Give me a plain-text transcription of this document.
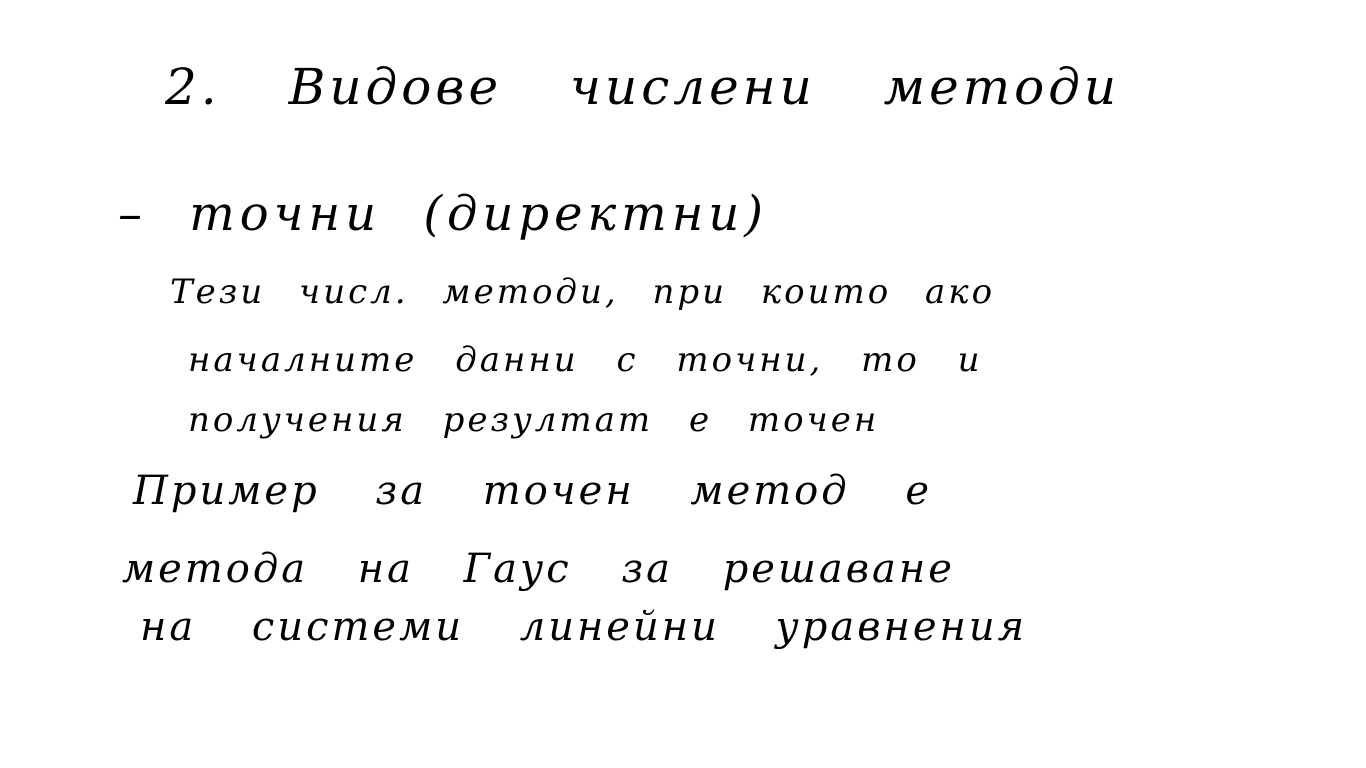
2. Видове числени методи
– точни (директни)
Тези числ. методи, при които ако
началните данни с точни, то и
получения резултат е точен
Пример за точен метод е
метода на Гаус за решаване
на системи линейни уравнения
